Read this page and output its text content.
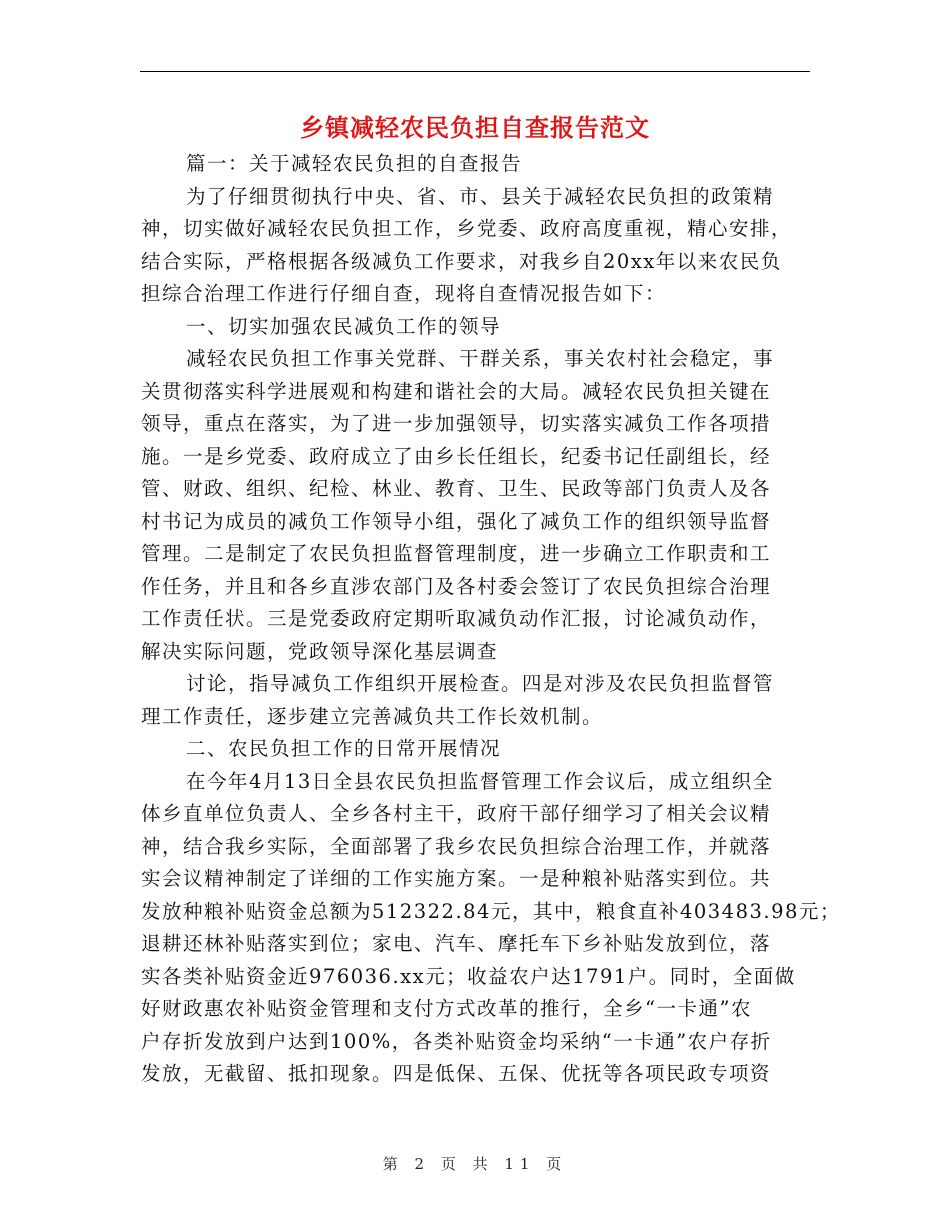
乡镇减轻农民负担自查报告范文
篇一：关于减轻农民负担的自查报告
为了仔细贯彻执行中央、省、市、县关于减轻农民负担的政策精
神，切实做好减轻农民负担工作，乡党委、政府高度重视，精心安排，
结合实际，严格根据各级减负工作要求，对我乡自20xx年以来农民负
担综合治理工作进行仔细自查，现将自查情况报告如下：
一、切实加强农民减负工作的领导
减轻农民负担工作事关党群、干群关系，事关农村社会稳定，事
关贯彻落实科学进展观和构建和谐社会的大局。减轻农民负担关键在
领导，重点在落实，为了进一步加强领导，切实落实减负工作各项措
施。一是乡党委、政府成立了由乡长任组长，纪委书记任副组长，经
管、财政、组织、纪检、林业、教育、卫生、民政等部门负责人及各
村书记为成员的减负工作领导小组，强化了减负工作的组织领导监督
管理。二是制定了农民负担监督管理制度，进一步确立工作职责和工
作任务，并且和各乡直涉农部门及各村委会签订了农民负担综合治理
工作责任状。三是党委政府定期听取减负动作汇报，讨论减负动作，
解决实际问题，党政领导深化基层调查
讨论，指导减负工作组织开展检查。四是对涉及农民负担监督管
理工作责任，逐步建立完善减负共工作长效机制。
二、农民负担工作的日常开展情况
在今年4月13日全县农民负担监督管理工作会议后，成立组织全
体乡直单位负责人、全乡各村主干，政府干部仔细学习了相关会议精
神，结合我乡实际，全面部署了我乡农民负担综合治理工作，并就落
实会议精神制定了详细的工作实施方案。一是种粮补贴落实到位。共
发放种粮补贴资金总额为512322.84元，其中，粮食直补403483.98元；
退耕还林补贴落实到位；家电、汽车、摩托车下乡补贴发放到位，落
实各类补贴资金近976036.xx元；收益农户达1791户。同时，全面做
好财政惠农补贴资金管理和支付方式改革的推行，全乡“一卡通”农
户存折发放到户达到100%，各类补贴资金均采纳“一卡通”农户存折
发放，无截留、抵扣现象。四是低保、五保、优抚等各项民政专项资
第 2 页 共 11 页
